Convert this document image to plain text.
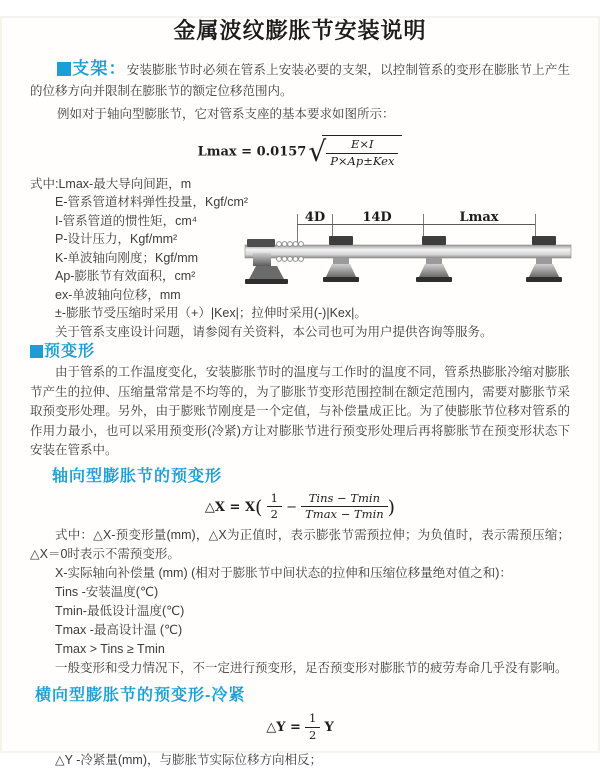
金属波纹膨胀节安装说明

支架：安装膨胀节时必须在管系上安装必要的支架，以控制管系的变形在膨胀节上产生的位移方向并限制在膨胀节的额定位移范围内。

例如对于轴向型膨胀节，它对管系支座的基本要求如图所示：

$Lmax = 0.0157√ \frac{E\times I}{\text{P×Ap±Kex}}$
式中:Lmax-最大导向间距，m
E-管系管道材料弹性投量，Kgf/cm²
I-管系管道的惯性矩，cm⁴
P-设计压力，Kgf/mm²
K-单波轴向刚度；Kgf/mm
Ap-膨胀节有效面积，cm²
ex-单波轴向位移，mm
±-膨胀节受压缩时采用（+）|Kex|；拉伸时采用(-)|Kex|。
关于管系支座设计问题，请参阅有关资料，本公司也可为用户提供咨询等服务。
4D	14D	Lmax
预变形

由于管系的工作温度变化，安装膨胀节时的温度与工作时的温度不同，管系热膨胀冷缩对膨胀节产生的拉伸、压缩量常常是不均等的，为了膨胀节变形范围控制在额定范围内，需要对膨胀节采取预变形处理。另外，由于膨账节刚度是一个定值，与补偿量成正比。为了使膨胀节位移对管系的作用力最小，也可以采用预变形(冷紧)方让对膨胀节进行预变形处理后再将膨胀节在预变形状态下安装在管系中。

轴向型膨胀节的预变形
△X = $X( \frac{1}{2} - \frac{\text{Tins − Tmin}}{Tmax - Tmin}$ )

式中：△X-预变形量(mm)，△X为正值时，表示膨张节需预拉伸；为负值时，表示需预压缩；△X＝0时表示不需预变形。

X-实际轴向补偿量 (mm) (相对于膨胀节中间状态的拉伸和压缩位移量绝对值之和)：
Tins -安装温度(℃)
Tmin-最低设计温度(℃)
Tmax -最高设计温 (℃)
Tmax > Tins ≥ Tmin

一般变形和受力情况下，不一定进行预变形，足否预变形对膨胀节的疲劳寿命几乎没有影响。

横向型膨胀节的预变形-冷紧
△Y = $\frac{1}{2}$ Y

△Y -冷紧量(mm)，与膨胀节实际位移方向相反；
